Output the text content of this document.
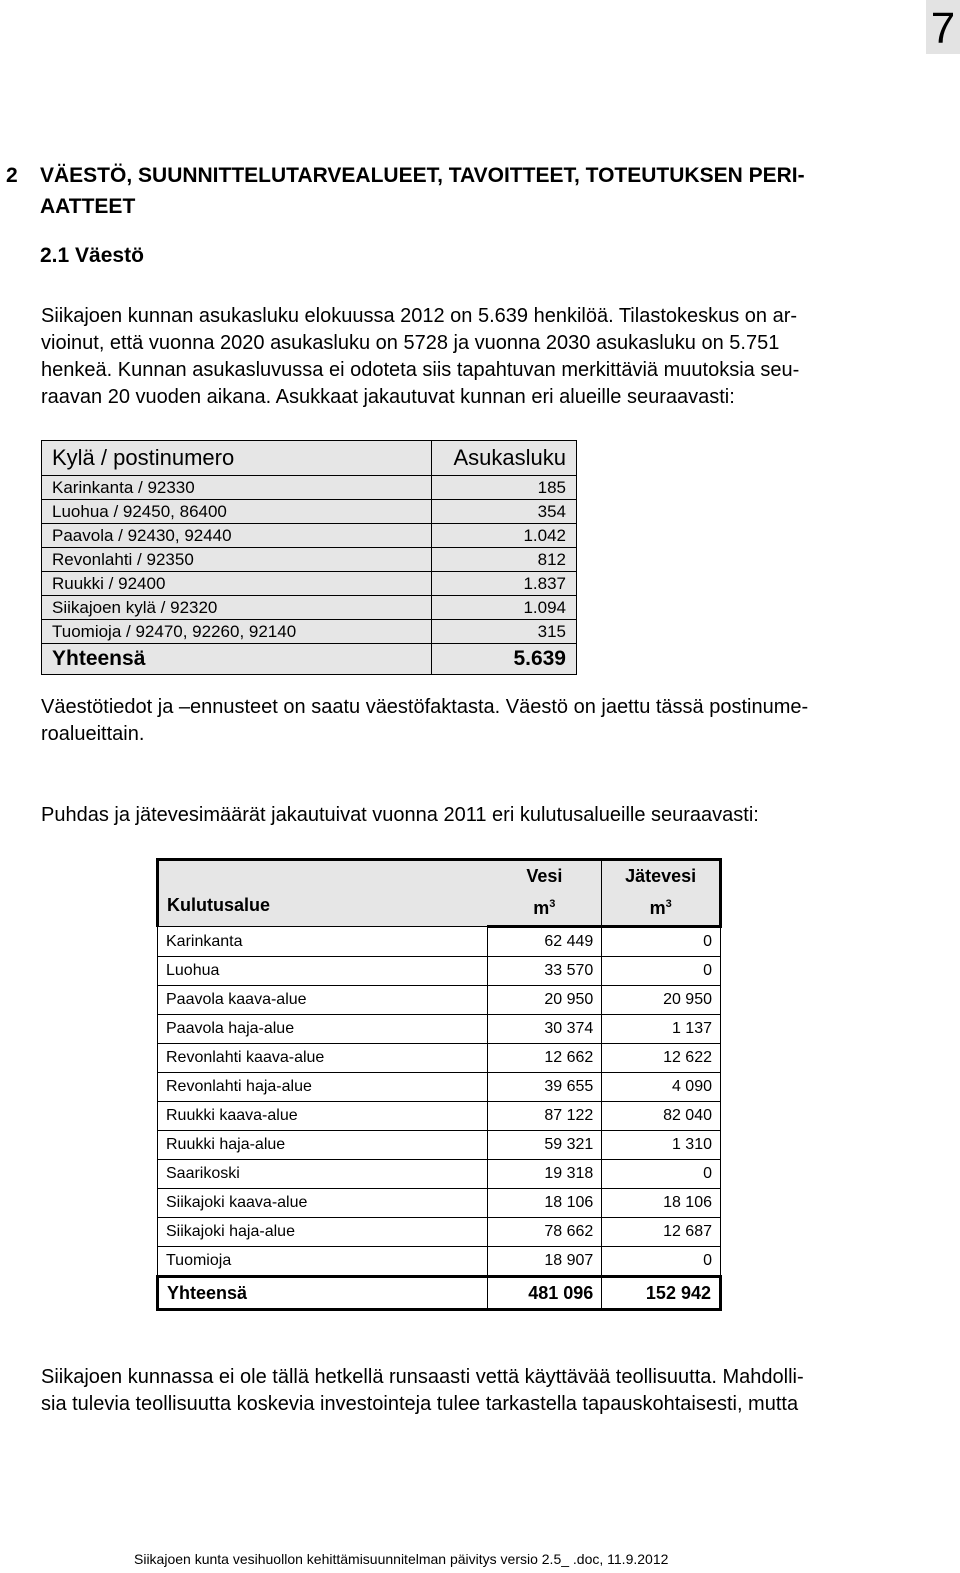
7
2 VÄESTÖ, SUUNNITTELUTARVEALUEET, TAVOITTEET, TOTEUTUKSEN PERI-
AATTEET
2.1 Väestö

Siikajoen kunnan asukasluku elokuussa 2012 on 5.639 henkilöä. Tilastokeskus on ar-

vioinut, että vuonna 2020 asukasluku on 5728 ja vuonna 2030 asukasluku on 5.751

henkeä. Kunnan asukasluvussa ei odoteta siis tapahtuvan merkittäviä muutoksia seu-

raavan 20 vuoden aikana. Asukkaat jakautuvat kunnan eri alueille seuraavasti:

Kylä / postinumero	Asukasluku
Karinkanta / 92330	185
Luohua / 92450, 86400	354
Paavola / 92430, 92440	1.042
Revonlahti / 92350	812
Ruukki / 92400	1.837
Siikajoen kylä / 92320	1.094
Tuomioja / 92470, 92260, 92140	315
Yhteensä	5.639

Väestötiedot ja –ennusteet on saatu väestöfaktasta. Väestö on jaettu tässä postinume-

roalueittain.

Puhdas ja jätevesimäärät jakautuivat vuonna 2011 eri kulutusalueille seuraavasti:

Kulutusalue	Vesi	Jätevesi
	$m^3$	$m^3$
Karinkanta	62 449	0
Luohua	33 570	0
Paavola kaava-alue	20 950	20 950
Paavola haja-alue	30 374	1 137
Revonlahti kaava-alue	12 662	12 622
Revonlahti haja-alue	39 655	4 090
Ruukki kaava-alue	87 122	82 040
Ruukki haja-alue	59 321	1 310
Saarikoski	19 318	0
Siikajoki kaava-alue	18 106	18 106
Siikajoki haja-alue	78 662	12 687
Tuomioja	18 907	0
Yhteensä	481 096	152 942

Siikajoen kunnassa ei ole tällä hetkellä runsaasti vettä käyttävää teollisuutta. Mahdolli-

sia tulevia teollisuutta koskevia investointeja tulee tarkastella tapauskohtaisesti, mutta

Siikajoen kunta vesihuollon kehittämisuunnitelman päivitys versio 2.5_ .doc, 11.9.2012
